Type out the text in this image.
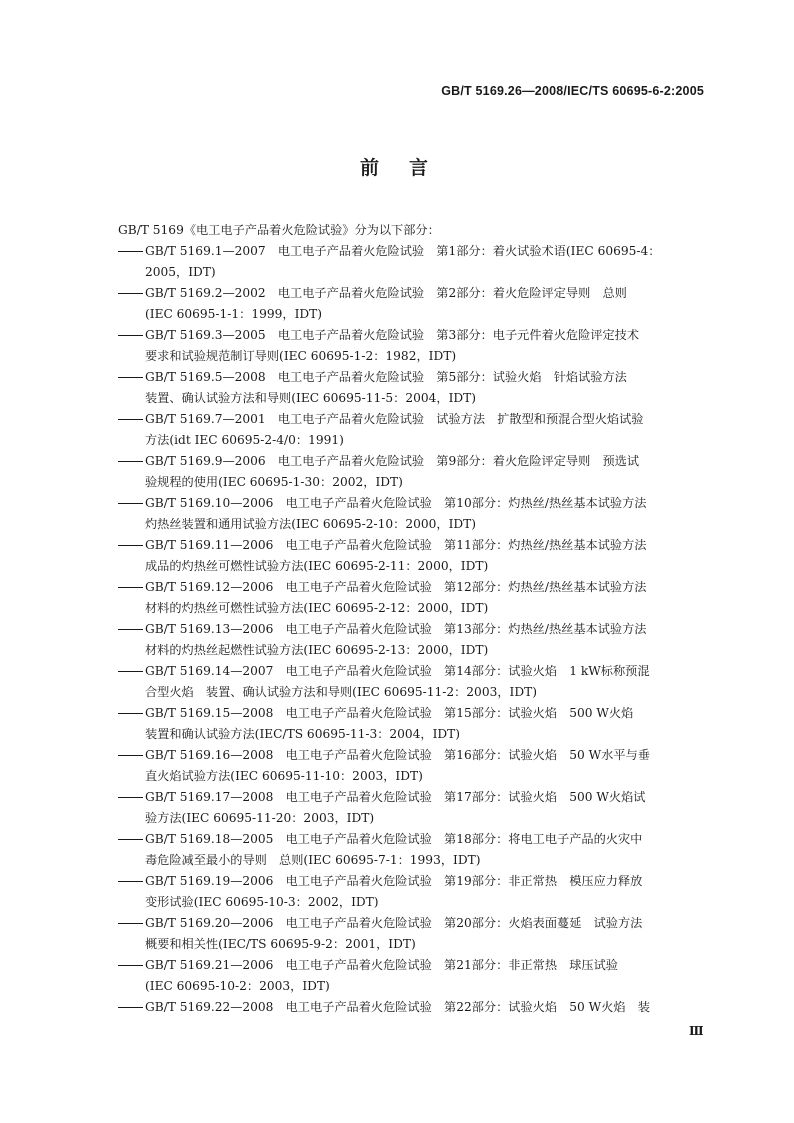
GB/T 5169.26—2008/IEC/TS 60695-6-2:2005
前言
GB/T 5169《电工电子产品着火危险试验》分为以下部分：
GB/T 5169.1—2007　电工电子产品着火危险试验　第1部分：着火试验术语(IEC 60695-4：
2005，IDT)
GB/T 5169.2—2002　电工电子产品着火危险试验　第2部分：着火危险评定导则　总则
(IEC 60695-1-1：1999，IDT)
GB/T 5169.3—2005　电工电子产品着火危险试验　第3部分：电子元件着火危险评定技术
要求和试验规范制订导则(IEC 60695-1-2：1982，IDT)
GB/T 5169.5—2008　电工电子产品着火危险试验　第5部分：试验火焰　针焰试验方法
装置、确认试验方法和导则(IEC 60695-11-5：2004，IDT)
GB/T 5169.7—2001　电工电子产品着火危险试验　试验方法　扩散型和预混合型火焰试验
方法(idt IEC 60695-2-4/0：1991)
GB/T 5169.9—2006　电工电子产品着火危险试验　第9部分：着火危险评定导则　预选试
验规程的使用(IEC 60695-1-30：2002，IDT)
GB/T 5169.10—2006　电工电子产品着火危险试验　第10部分：灼热丝/热丝基本试验方法
灼热丝装置和通用试验方法(IEC 60695-2-10：2000，IDT)
GB/T 5169.11—2006　电工电子产品着火危险试验　第11部分：灼热丝/热丝基本试验方法
成品的灼热丝可燃性试验方法(IEC 60695-2-11：2000，IDT)
GB/T 5169.12—2006　电工电子产品着火危险试验　第12部分：灼热丝/热丝基本试验方法
材料的灼热丝可燃性试验方法(IEC 60695-2-12：2000，IDT)
GB/T 5169.13—2006　电工电子产品着火危险试验　第13部分：灼热丝/热丝基本试验方法
材料的灼热丝起燃性试验方法(IEC 60695-2-13：2000，IDT)
GB/T 5169.14—2007　电工电子产品着火危险试验　第14部分：试验火焰　1 kW标称预混
合型火焰　装置、确认试验方法和导则(IEC 60695-11-2：2003，IDT)
GB/T 5169.15—2008　电工电子产品着火危险试验　第15部分：试验火焰　500 W火焰
装置和确认试验方法(IEC/TS 60695-11-3：2004，IDT)
GB/T 5169.16—2008　电工电子产品着火危险试验　第16部分：试验火焰　50 W水平与垂
直火焰试验方法(IEC 60695-11-10：2003，IDT)
GB/T 5169.17—2008　电工电子产品着火危险试验　第17部分：试验火焰　500 W火焰试
验方法(IEC 60695-11-20：2003，IDT)
GB/T 5169.18—2005　电工电子产品着火危险试验　第18部分：将电工电子产品的火灾中
毒危险减至最小的导则　总则(IEC 60695-7-1：1993，IDT)
GB/T 5169.19—2006　电工电子产品着火危险试验　第19部分：非正常热　模压应力释放
变形试验(IEC 60695-10-3：2002，IDT)
GB/T 5169.20—2006　电工电子产品着火危险试验　第20部分：火焰表面蔓延　试验方法
概要和相关性(IEC/TS 60695-9-2：2001，IDT)
GB/T 5169.21—2006　电工电子产品着火危险试验　第21部分：非正常热　球压试验
(IEC 60695-10-2：2003，IDT)
GB/T 5169.22—2008　电工电子产品着火危险试验　第22部分：试验火焰　50 W火焰　装
Ⅲ
